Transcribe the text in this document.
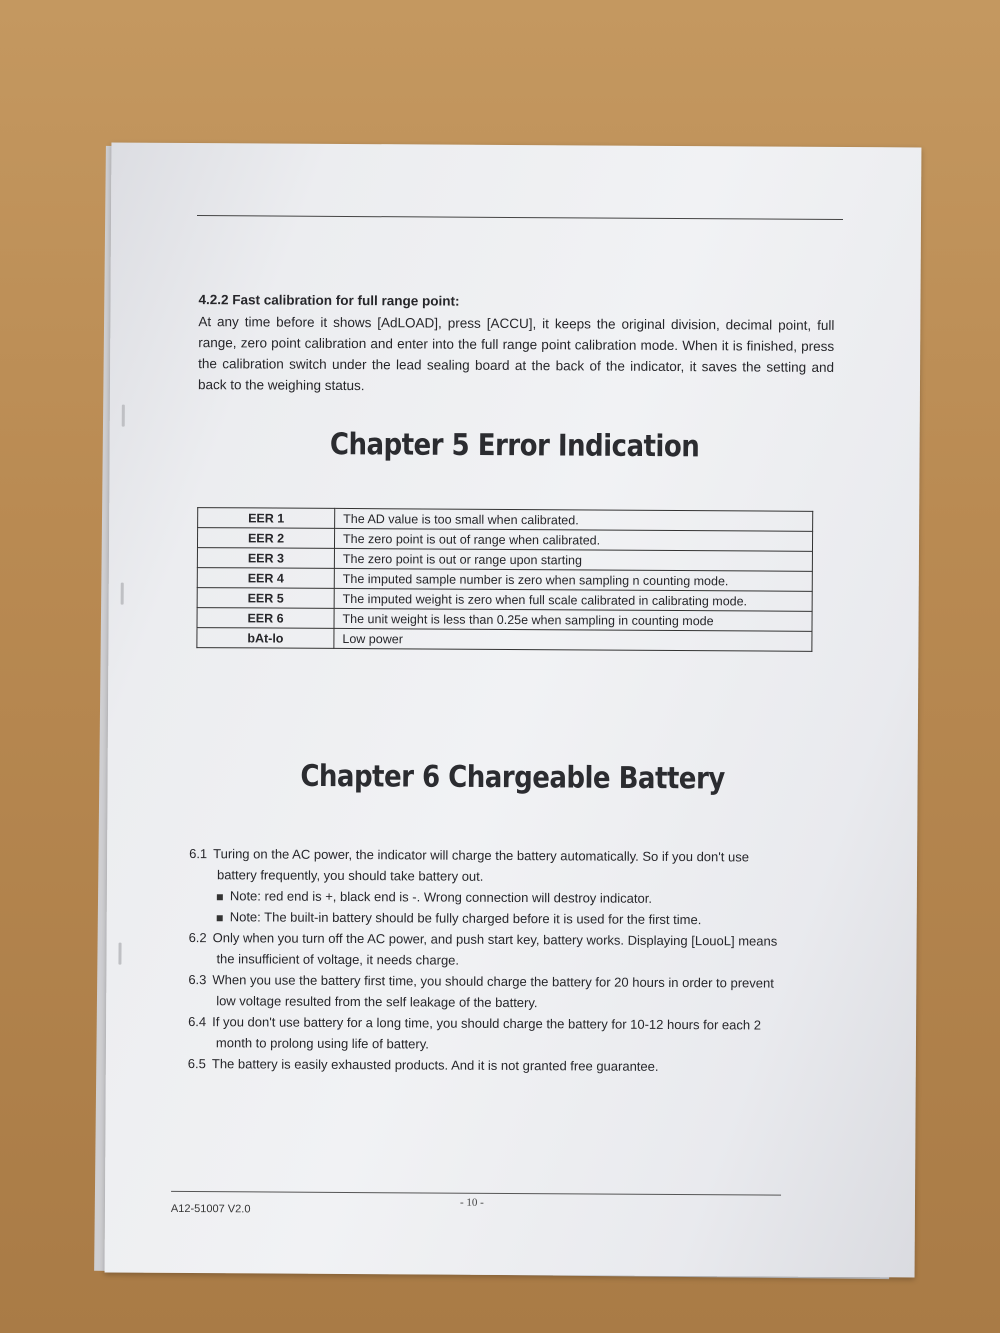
4.2.2 Fast calibration for full range point:

At any time before it shows [AdLOAD], press [ACCU], it keeps the original division, decimal point, full range, zero point calibration and enter into the full range point calibration mode. When it is finished, press the calibration switch under the lead sealing board at the back of the indicator, it saves the setting and back to the weighing status.

Chapter 5 Error Indication
EER 1	The AD value is too small when calibrated.
EER 2	The zero point is out of range when calibrated.
EER 3	The zero point is out or range upon starting
EER 4	The imputed sample number is zero when sampling n counting mode.
EER 5	The imputed weight is zero when full scale calibrated in calibrating mode.
EER 6	The unit weight is less than 0.25e when sampling in counting mode
bAt-lo	Low power
Chapter 6 Chargeable Battery

6.1 Turing on the AC power, the indicator will charge the battery automatically. So if you don't use

battery frequently, you should take battery out.

Note: red end is +, black end is -. Wrong connection will destroy indicator.

Note: The built-in battery should be fully charged before it is used for the first time.

6.2 Only when you turn off the AC power, and push start key, battery works. Displaying [LouoL] means

the insufficient of voltage, it needs charge.

6.3 When you use the battery first time, you should charge the battery for 20 hours in order to prevent

low voltage resulted from the self leakage of the battery.

6.4 If you don't use battery for a long time, you should charge the battery for 10-12 hours for each 2

month to prolong using life of battery.

6.5 The battery is easily exhausted products. And it is not granted free guarantee.

A12-51007 V2.0
- 10 -
